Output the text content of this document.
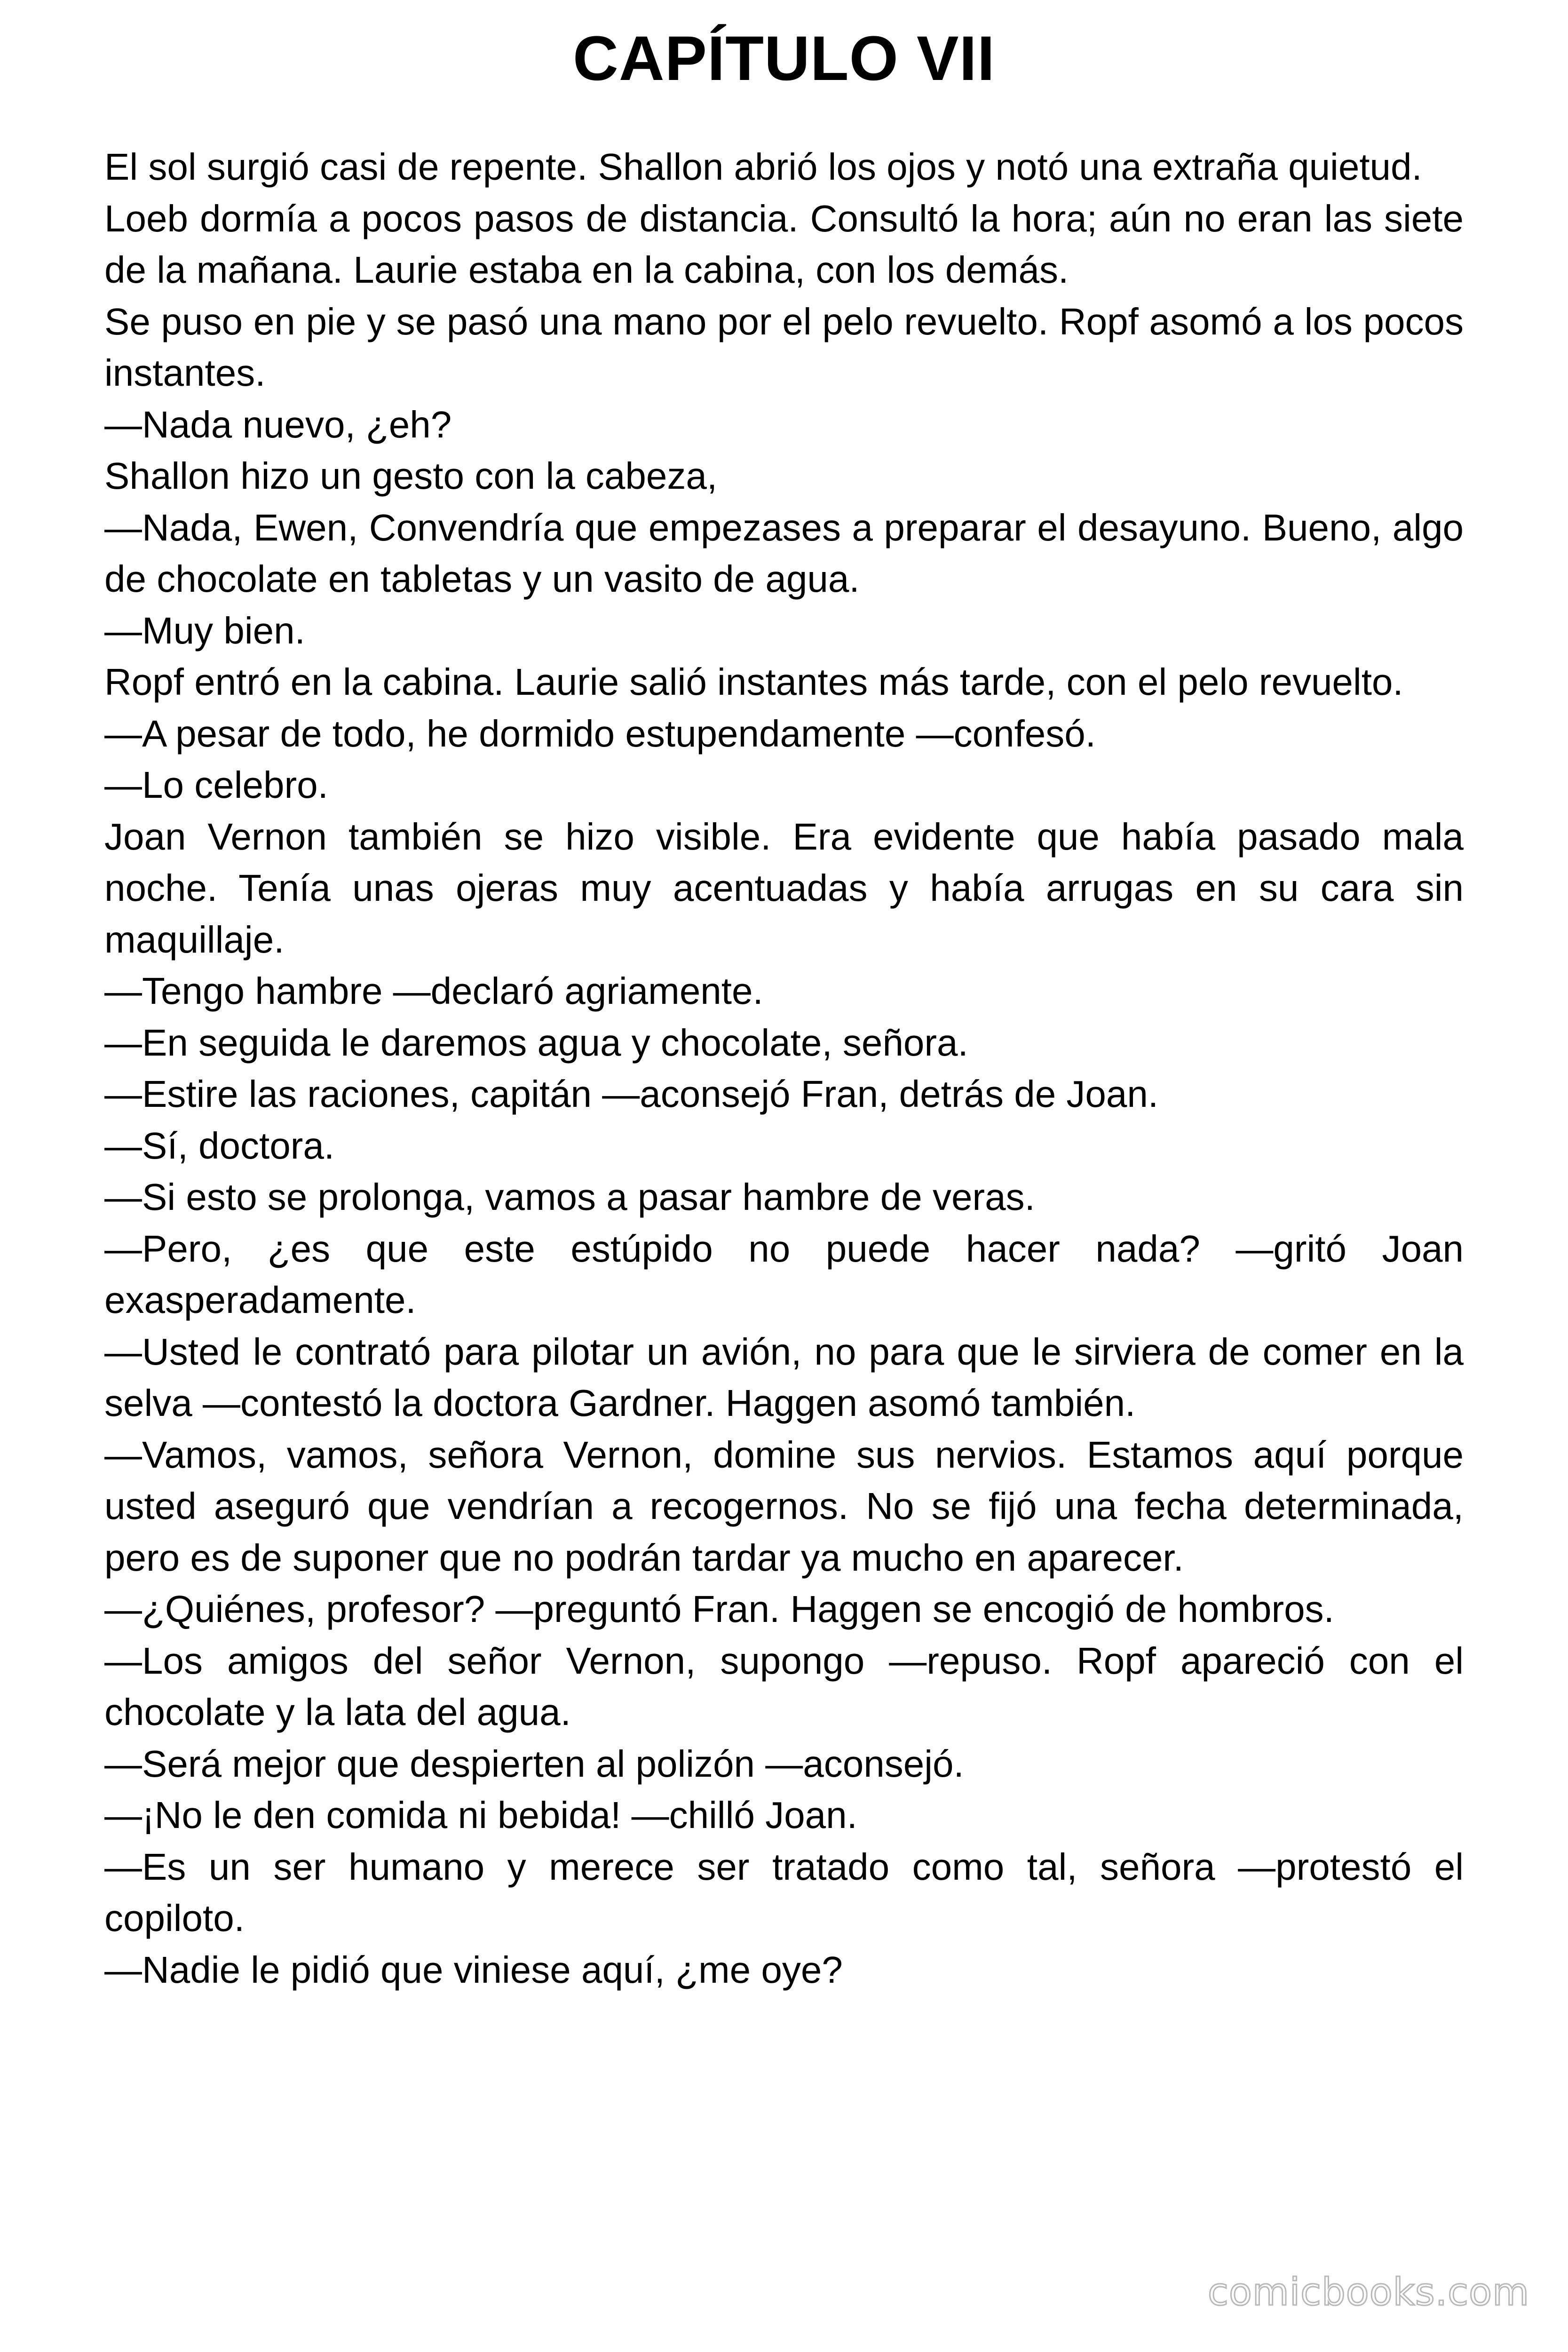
CAPÍTULO VII

El sol surgió casi de repente. Shallon abrió los ojos y notó una extraña quietud.

Loeb dormía a pocos pasos de distancia. Consultó la hora; aún no eran las siete de la mañana. Laurie estaba en la cabina, con los demás.

Se puso en pie y se pasó una mano por el pelo revuelto. Ropf asomó a los pocos instantes.

—Nada nuevo, ¿eh?

Shallon hizo un gesto con la cabeza,

—Nada, Ewen, Convendría que empezases a preparar el desayuno. Bueno, algo de chocolate en tabletas y un vasito de agua.

—Muy bien.

Ropf entró en la cabina. Laurie salió instantes más tarde, con el pelo revuelto.

—A pesar de todo, he dormido estupendamente —confesó.

—Lo celebro.

Joan Vernon también se hizo visible. Era evidente que había pasado mala noche. Tenía unas ojeras muy acentuadas y había arrugas en su cara sin maquillaje.

—Tengo hambre —declaró agriamente.

—En seguida le daremos agua y chocolate, señora.

—Estire las raciones, capitán —aconsejó Fran, detrás de Joan.

—Sí, doctora.

—Si esto se prolonga, vamos a pasar hambre de veras.

—Pero, ¿es que este estúpido no puede hacer nada? —gritó Joan exasperadamente.

—Usted le contrató para pilotar un avión, no para que le sirviera de comer en la selva —contestó la doctora Gardner. Haggen asomó también.

—Vamos, vamos, señora Vernon, domine sus nervios. Estamos aquí porque usted aseguró que vendrían a recogernos. No se fijó una fecha determinada, pero es de suponer que no podrán tardar ya mucho en aparecer.

—¿Quiénes, profesor? —preguntó Fran. Haggen se encogió de hombros.

—Los amigos del señor Vernon, supongo —repuso. Ropf apareció con el chocolate y la lata del agua.

—Será mejor que despierten al polizón —aconsejó.

—¡No le den comida ni bebida! —chilló Joan.

—Es un ser humano y merece ser tratado como tal, señora —protestó el copiloto.

—Nadie le pidió que viniese aquí, ¿me oye?

comicbooks.com
